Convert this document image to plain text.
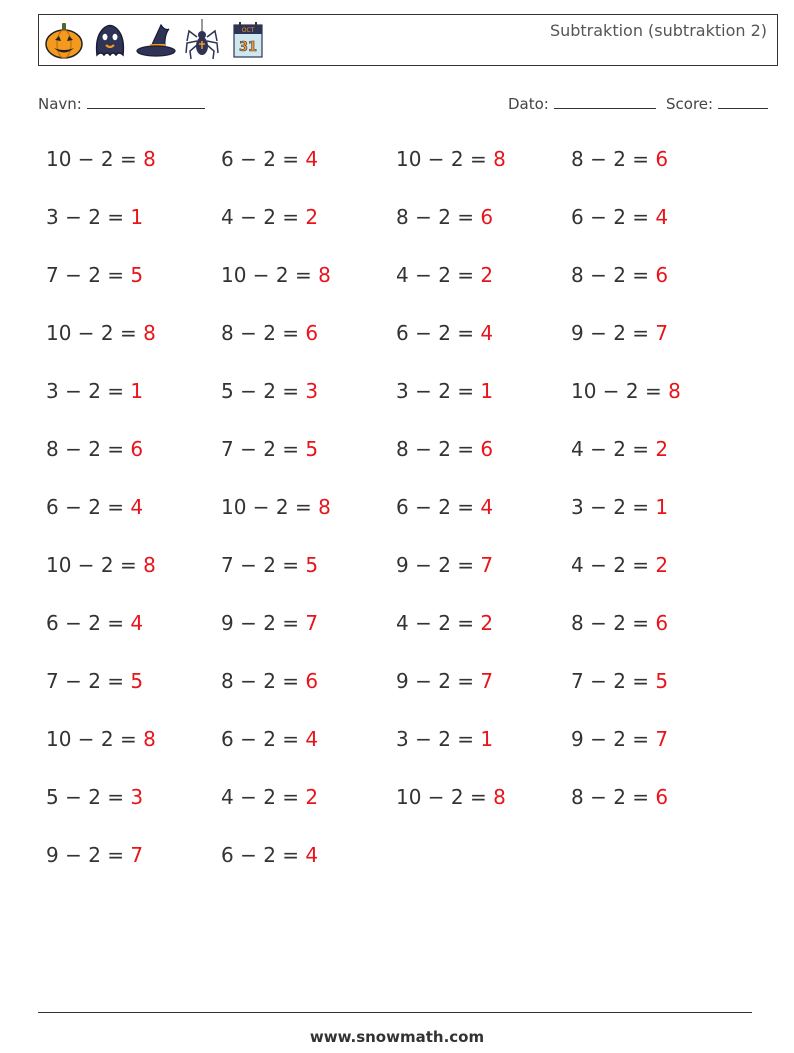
OCT
31
Subtraktion (subtraktion 2)
Navn:	Dato:	Score:
10 − 2 = 8
3 − 2 = 1
7 − 2 = 5
10 − 2 = 8
3 − 2 = 1
8 − 2 = 6
6 − 2 = 4
10 − 2 = 8
6 − 2 = 4
7 − 2 = 5
10 − 2 = 8
5 − 2 = 3
9 − 2 = 7
6 − 2 = 4
4 − 2 = 2
10 − 2 = 8
8 − 2 = 6
5 − 2 = 3
7 − 2 = 5
10 − 2 = 8
7 − 2 = 5
9 − 2 = 7
8 − 2 = 6
6 − 2 = 4
4 − 2 = 2
6 − 2 = 4
10 − 2 = 8
8 − 2 = 6
4 − 2 = 2
6 − 2 = 4
3 − 2 = 1
8 − 2 = 6
6 − 2 = 4
9 − 2 = 7
4 − 2 = 2
9 − 2 = 7
3 − 2 = 1
10 − 2 = 8
8 − 2 = 6
6 − 2 = 4
8 − 2 = 6
9 − 2 = 7
10 − 2 = 8
4 − 2 = 2
3 − 2 = 1
4 − 2 = 2
8 − 2 = 6
7 − 2 = 5
9 − 2 = 7
8 − 2 = 6
www.snowmath.com
